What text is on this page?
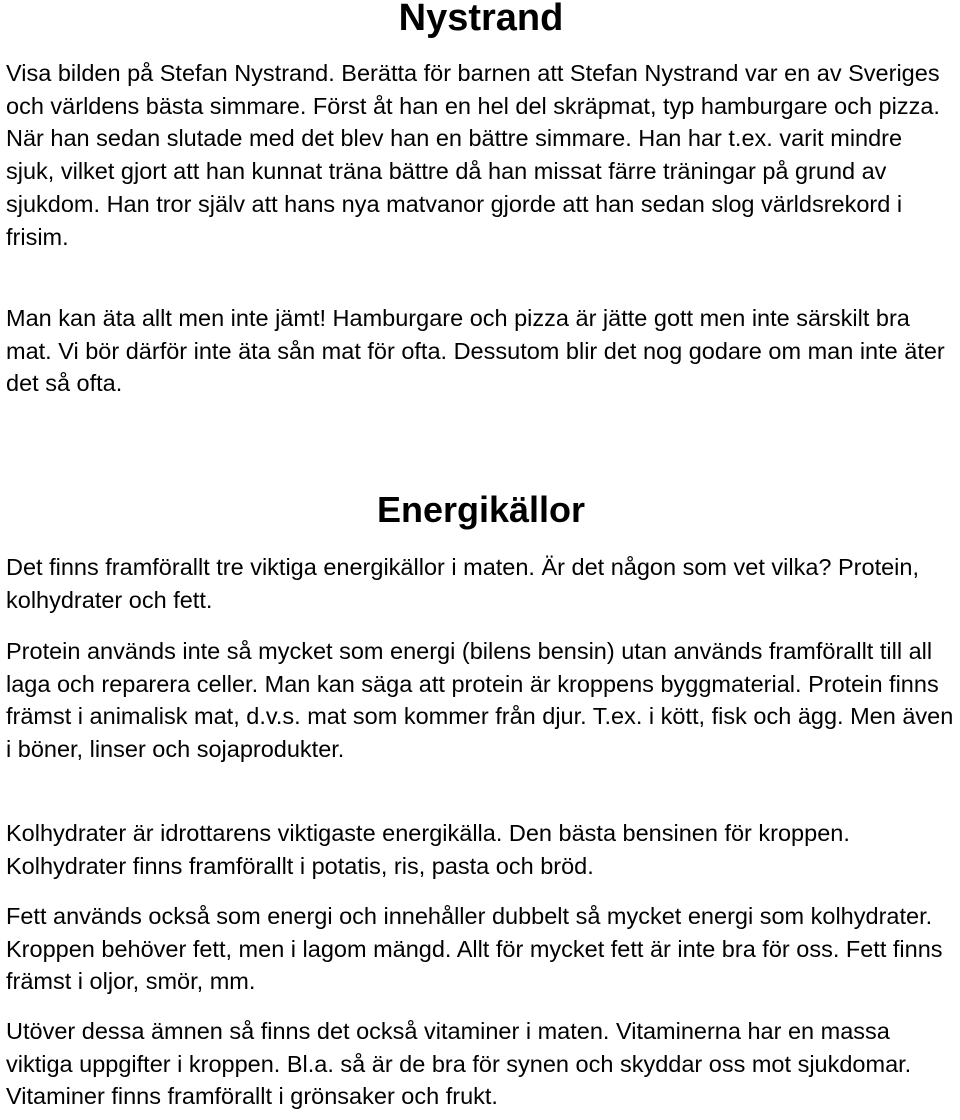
Nystrand

Visa bilden på Stefan Nystrand. Berätta för barnen att Stefan Nystrand var en av Sveriges och världens bästa simmare. Först åt han en hel del skräpmat, typ hamburgare och pizza. När han sedan slutade med det blev han en bättre simmare. Han har t.ex. varit mindre sjuk, vilket gjort att han kunnat träna bättre då han missat färre träningar på grund av sjukdom. Han tror själv att hans nya matvanor gjorde att han sedan slog världsrekord i frisim.

Man kan äta allt men inte jämt! Hamburgare och pizza är jätte gott men inte särskilt bra mat. Vi bör därför inte äta sån mat för ofta. Dessutom blir det nog godare om man inte äter det så ofta.

Energikällor

Det finns framförallt tre viktiga energikällor i maten. Är det någon som vet vilka? Protein, kolhydrater och fett.

Protein används inte så mycket som energi (bilens bensin) utan används framförallt till all laga och reparera celler. Man kan säga att protein är kroppens byggmaterial. Protein finns främst i animalisk mat, d.v.s. mat som kommer från djur. T.ex. i kött, fisk och ägg. Men även i böner, linser och sojaprodukter.

Kolhydrater är idrottarens viktigaste energikälla. Den bästa bensinen för kroppen. Kolhydrater finns framförallt i potatis, ris, pasta och bröd.

Fett används också som energi och innehåller dubbelt så mycket energi som kolhydrater. Kroppen behöver fett, men i lagom mängd. Allt för mycket fett är inte bra för oss. Fett finns främst i oljor, smör, mm.

Utöver dessa ämnen så finns det också vitaminer i maten. Vitaminerna har en massa viktiga uppgifter i kroppen. Bl.a. så är de bra för synen och skyddar oss mot sjukdomar. Vitaminer finns framförallt i grönsaker och frukt.
